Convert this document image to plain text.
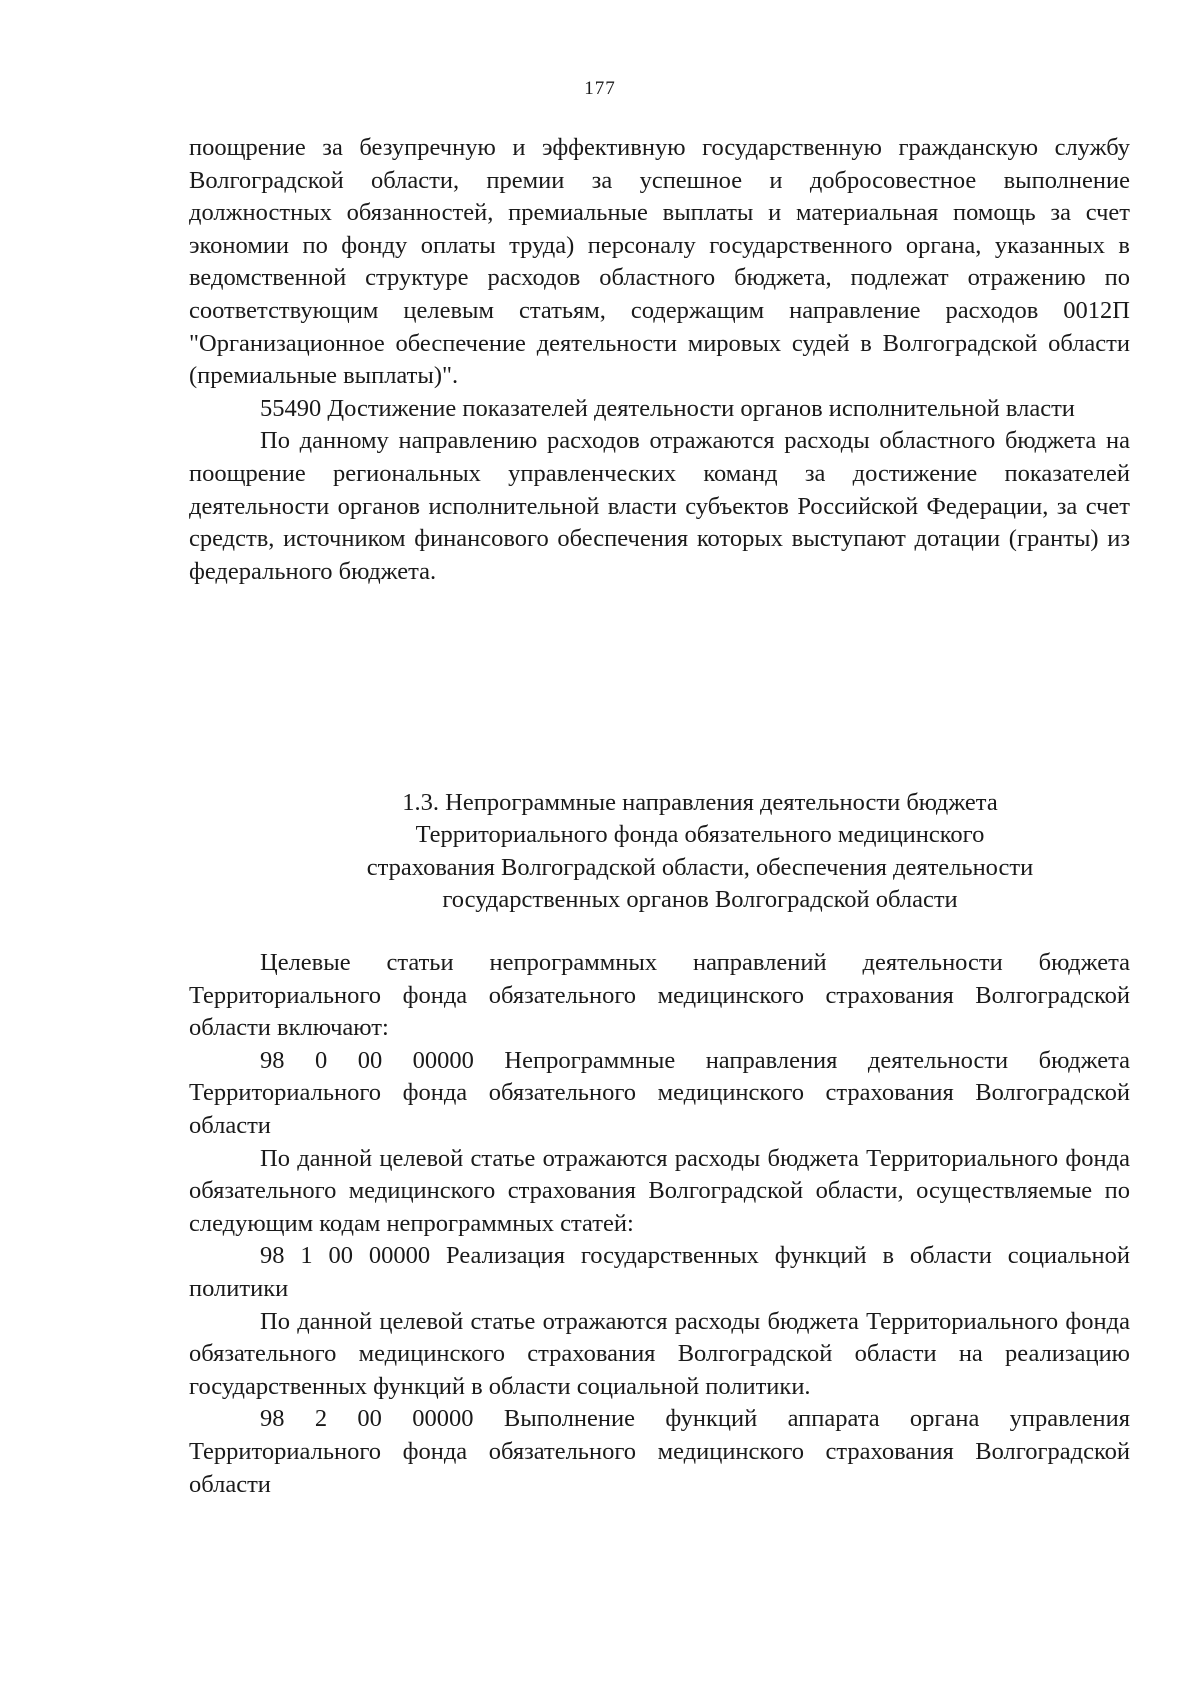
177

поощрение за безупречную и эффективную государственную гражданскую службу Волгоградской области, премии за успешное и добросовестное выполнение должностных обязанностей, премиальные выплаты и материальная помощь за счет экономии по фонду оплаты труда) персоналу государственного органа, указанных в ведомственной структуре расходов областного бюджета, подлежат отражению по соответствующим целевым статьям, содержащим направление расходов 0012П "Организационное обеспечение деятельности мировых судей в Волгоградской области (премиальные выплаты)".

55490 Достижение показателей деятельности органов исполнительной власти

По данному направлению расходов отражаются расходы областного бюджета на поощрение региональных управленческих команд за достижение показателей деятельности органов исполнительной власти субъектов Российской Федерации, за счет средств, источником финансового обеспечения которых выступают дотации (гранты) из федерального бюджета.

1.3. Непрограммные направления деятельности бюджета
Территориального фонда обязательного медицинского
страхования Волгоградской области, обеспечения деятельности
государственных органов Волгоградской области

Целевые статьи непрограммных направлений деятельности бюджета Территориального фонда обязательного медицинского страхования Волгоградской области включают:

98 0 00 00000 Непрограммные направления деятельности бюджета Территориального фонда обязательного медицинского страхования Волгоградской области

По данной целевой статье отражаются расходы бюджета Территориального фонда обязательного медицинского страхования Волгоградской области, осуществляемые по следующим кодам непрограммных статей:

98 1 00 00000 Реализация государственных функций в области социальной политики

По данной целевой статье отражаются расходы бюджета Территориального фонда обязательного медицинского страхования Волгоградской области на реализацию государственных функций в области социальной политики.

98 2 00 00000 Выполнение функций аппарата органа управления Территориального фонда обязательного медицинского страхования Волгоградской области
